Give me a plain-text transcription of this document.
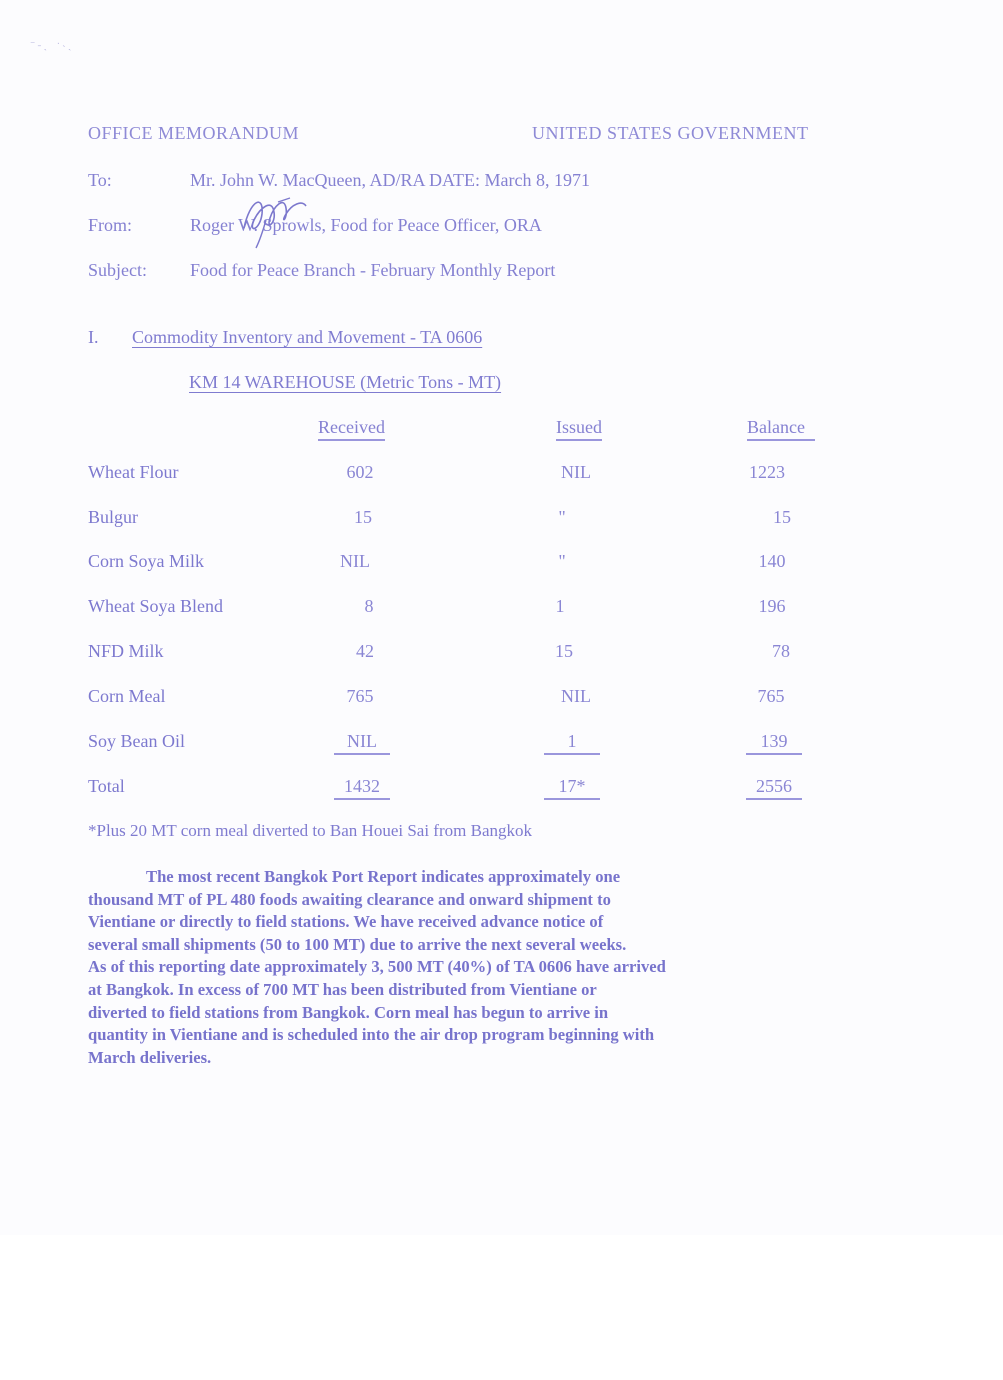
⁻ ˗ ˏ    ˑ ˴ ˎ
OFFICE MEMORANDUM	UNITED STATES GOVERNMENT
To:	Mr. John W. MacQueen, AD/RA DATE: March 8, 1971
From:	Roger W. Sprowls, Food for Peace Officer, ORA
Subject: Food for Peace Branch - February Monthly Report
I. Commodity Inventory and Movement - TA 0606
KM 14 WAREHOUSE (Metric Tons - MT)
Received	Issued	Balance
Wheat Flour	602	NIL	1223
Bulgur	15	"	15
Corn Soya Milk	NIL	"	140
Wheat Soya Blend	8	1	196
NFD Milk	42	15	78
Corn Meal	765	NIL	765
Soy Bean Oil	NIL	1	139
Total	1432	17*	2556
*Plus 20 MT corn meal diverted to Ban Houei Sai from Bangkok
The most recent Bangkok Port Report indicates approximately one
thousand MT of PL 480 foods awaiting clearance and onward shipment to
Vientiane or directly to field stations. We have received advance notice of
several small shipments (50 to 100 MT) due to arrive the next several weeks.
As of this reporting date approximately 3, 500 MT (40%) of TA 0606 have arrived
at Bangkok. In excess of 700 MT has been distributed from Vientiane or
diverted to field stations from Bangkok. Corn meal has begun to arrive in
quantity in Vientiane and is scheduled into the air drop program beginning with
March deliveries.
